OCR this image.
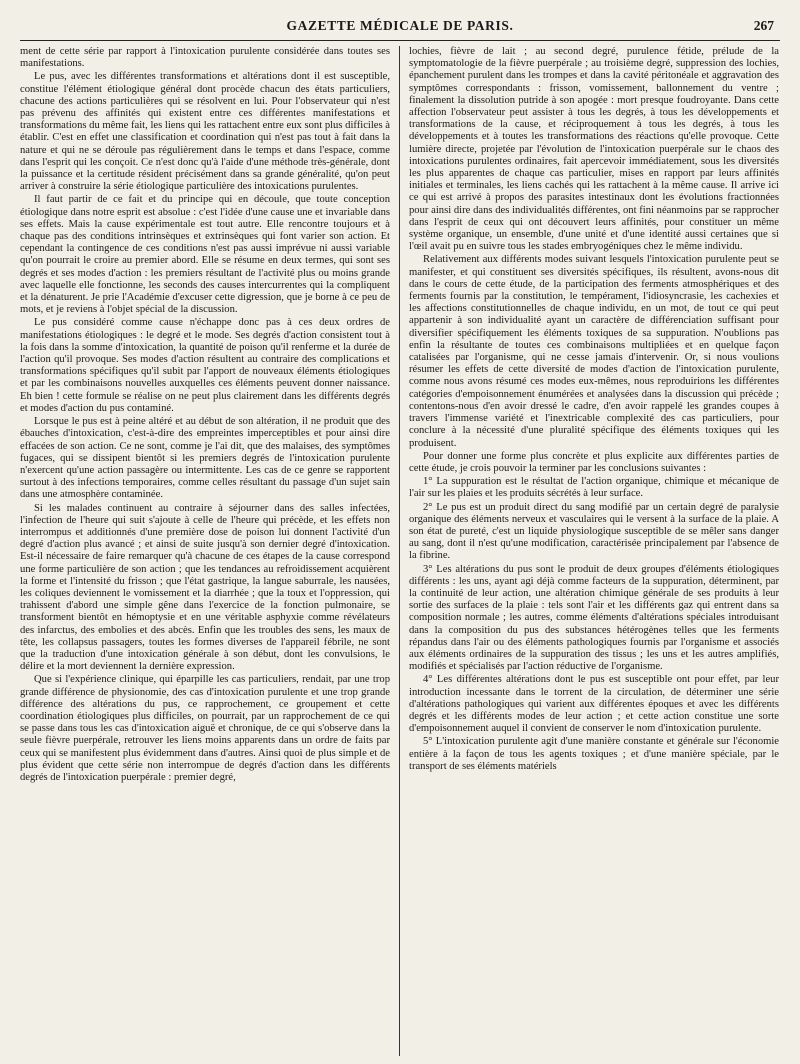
GAZETTE MÉDICALE DE PARIS.	267

ment de cette série par rapport à l'intoxication purulente considérée dans toutes ses manifestations.

Le pus, avec les différentes transformations et altérations dont il est susceptible, constitue l'élément étiologique général dont procède chacun des états particuliers, chacune des actions particulières qui se résolvent en lui. Pour l'observateur qui n'est pas prévenu des affinités qui existent entre ces différentes manifestations et transformations du même fait, les liens qui les rattachent entre eux sont plus difficiles à établir. C'est en effet une classification et coordination qui n'est pas tout à fait dans la nature et qui ne se déroule pas régulièrement dans le temps et dans l'espace, comme dans l'esprit qui les conçoit. Ce n'est donc qu'à l'aide d'une méthode très-générale, dont la puissance et la certitude résident précisément dans sa grande généralité, qu'on peut arriver à construire la série étiologique particulière des intoxications purulentes.

Il faut partir de ce fait et du principe qui en découle, que toute conception étiologique dans notre esprit est absolue : c'est l'idée d'une cause une et invariable dans ses effets. Mais la cause expérimentale est tout autre. Elle rencontre toujours et à chaque pas des conditions intrinsèques et extrinsèques qui font varier son action. Et cependant la contingence de ces conditions n'est pas aussi imprévue ni aussi variable qu'on pourrait le croire au premier abord. Elle se résume en deux termes, qui sont ses degrés et ses modes d'action : les premiers résultant de l'activité plus ou moins grande avec laquelle elle fonctionne, les seconds des causes intercurrentes qui la compliquent et la dénaturent. Je prie l'Académie d'excuser cette digression, que je borne à ce peu de mots, et je reviens à l'objet spécial de la discussion.

Le pus considéré comme cause n'échappe donc pas à ces deux ordres de manifestations étiologiques : le degré et le mode. Ses degrés d'action consistent tout à la fois dans la somme d'intoxication, la quantité de poison qu'il renferme et la durée de l'action qu'il provoque. Ses modes d'action résultent au contraire des complications et transformations spécifiques qu'il subit par l'apport de nouveaux éléments étiologiques et par les combinaisons nouvelles auxquelles ces éléments peuvent donner naissance. Eh bien ! cette formule se réalise on ne peut plus clairement dans les différents degrés et modes d'action du pus contaminé.

Lorsque le pus est à peine altéré et au début de son altération, il ne produit que des ébauches d'intoxication, c'est-à-dire des empreintes imperceptibles et pour ainsi dire effacées de son action. Ce ne sont, comme je l'ai dit, que des malaises, des symptômes fugaces, qui se dissipent bientôt si les premiers degrés de l'intoxication purulente n'exercent qu'une action passagère ou intermittente. Les cas de ce genre se rapportent surtout à des infections temporaires, comme celles résultant du passage d'un sujet sain dans une atmosphère contaminée.

Si les malades continuent au contraire à séjourner dans des salles infectées, l'infection de l'heure qui suit s'ajoute à celle de l'heure qui précède, et les effets non interrompus et additionnés d'une première dose de poison lui donnent l'activité d'un degré d'action plus avancé ; et ainsi de suite jusqu'à son dernier degré d'intoxication. Est-il nécessaire de faire remarquer qu'à chacune de ces étapes de la cause correspond une forme particulière de son action ; que les tendances au refroidissement acquièrent la forme et l'intensité du frisson ; que l'état gastrique, la langue saburrale, les nausées, les coliques deviennent le vomissement et la diarrhée ; que la toux et l'oppression, qui trahissent d'abord une simple gêne dans l'exercice de la fonction pulmonaire, se transforment bientôt en hémoptysie et en une véritable asphyxie comme révélateurs des infarctus, des embolies et des abcès. Enfin que les troubles des sens, les maux de tête, les collapsus passagers, toutes les formes diverses de l'appareil fébrile, ne sont que la traduction d'une intoxication générale à son début, dont les convulsions, le délire et la mort deviennent la dernière expression.

Que si l'expérience clinique, qui éparpille les cas particuliers, rendait, par une trop grande différence de physionomie, des cas d'intoxication purulente et une trop grande différence des altérations du pus, ce rapprochement, ce groupement et cette coordination étiologiques plus difficiles, on pourrait, par un rapprochement de ce qui se passe dans tous les cas d'intoxication aiguë et chronique, de ce qui s'observe dans la seule fièvre puerpérale, retrouver les liens moins apparents dans un ordre de faits par ceux qui se manifestent plus évidemment dans d'autres. Ainsi quoi de plus simple et de plus évident que cette série non interrompue de degrés d'action dans les différents degrés de l'intoxication puerpérale : premier degré,

lochies, fièvre de lait ; au second degré, purulence fétide, prélude de la symptomatologie de la fièvre puerpérale ; au troisième degré, suppression des lochies, épanchement purulent dans les trompes et dans la cavité péritonéale et aggravation des symptômes correspondants : frisson, vomissement, ballonnement du ventre ; finalement la dissolution putride à son apogée : mort presque foudroyante. Dans cette affection l'observateur peut assister à tous les degrés, à tous les développements et transformations de la cause, et réciproquement à tous les degrés, à tous les développements et à toutes les transformations des réactions qu'elle provoque. Cette lumière directe, projetée par l'évolution de l'intoxication puerpérale sur le chaos des intoxications purulentes ordinaires, fait apercevoir immédiatement, sous les diversités les plus apparentes de chaque cas particulier, mises en rapport par leurs affinités initiales et terminales, les liens cachés qui les rattachent à la même cause. Il arrive ici ce qui est arrivé à propos des parasites intestinaux dont les évolutions fractionnées pour ainsi dire dans des individualités différentes, ont fini néanmoins par se rapprocher dans l'esprit de ceux qui ont découvert leurs affinités, pour constituer un même système organique, un ensemble, d'une unité et d'une identité aussi certaines que si l'œil avait pu en suivre tous les stades embryogéniques chez le même individu.

Relativement aux différents modes suivant lesquels l'intoxication purulente peut se manifester, et qui constituent ses diversités spécifiques, ils résultent, avons-nous dit dans le cours de cette étude, de la participation des ferments atmosphériques et des ferments fournis par la constitution, le tempérament, l'idiosyncrasie, les cachexies et les affections constitutionnelles de chaque individu, en un mot, de tout ce qui peut appartenir à son individualité ayant un caractère de différenciation suffisant pour diversifier spécifiquement les éléments toxiques de sa suppuration. N'oublions pas enfin la résultante de toutes ces combinaisons multipliées et en quelque façon catalisées par l'organisme, qui ne cesse jamais d'intervenir. Or, si nous voulions résumer les effets de cette diversité de modes d'action de l'intoxication purulente, comme nous avons résumé ces modes eux-mêmes, nous reproduirions les différentes catégories d'empoisonnement énumérées et analysées dans la discussion qui précède ; contentons-nous d'en avoir dressé le cadre, d'en avoir rappelé les grandes coupes à travers l'immense variété et l'inextricable complexité des cas particuliers, pour conclure à la nécessité d'une pluralité spécifique des éléments toxiques qui les produisent.

Pour donner une forme plus concrète et plus explicite aux différentes parties de cette étude, je crois pouvoir la terminer par les conclusions suivantes :

1° La suppuration est le résultat de l'action organique, chimique et mécanique de l'air sur les plaies et les produits sécrétés à leur surface.

2° Le pus est un produit direct du sang modifié par un certain degré de paralysie organique des éléments nerveux et vasculaires qui le versent à la surface de la plaie. A son état de pureté, c'est un liquide physiologique susceptible de se mêler sans danger au sang, dont il n'est qu'une modification, caractérisée principalement par l'absence de la fibrine.

3° Les altérations du pus sont le produit de deux groupes d'éléments étiologiques différents : les uns, ayant agi déjà comme facteurs de la suppuration, déterminent, par la continuité de leur action, une altération chimique générale de ses produits à leur sortie des surfaces de la plaie : tels sont l'air et les différents gaz qui entrent dans sa composition normale ; les autres, comme éléments d'altérations spéciales introduisant dans la composition du pus des substances hétérogènes telles que les ferments répandus dans l'air ou des éléments pathologiques fournis par l'organisme et associés aux éléments ordinaires de la suppuration des tissus ; les uns et les autres amplifiés, modifiés et spécialisés par l'action réductive de l'organisme.

4° Les différentes altérations dont le pus est susceptible ont pour effet, par leur introduction incessante dans le torrent de la circulation, de déterminer une série d'altérations pathologiques qui varient aux différentes époques et avec les différents degrés et les différents modes de leur action ; et cette action constitue une sorte d'empoisonnement auquel il convient de conserver le nom d'intoxication purulente.

5° L'intoxication purulente agit d'une manière constante et générale sur l'économie entière à la façon de tous les agents toxiques ; et d'une manière spéciale, par le transport de ses éléments matériels
